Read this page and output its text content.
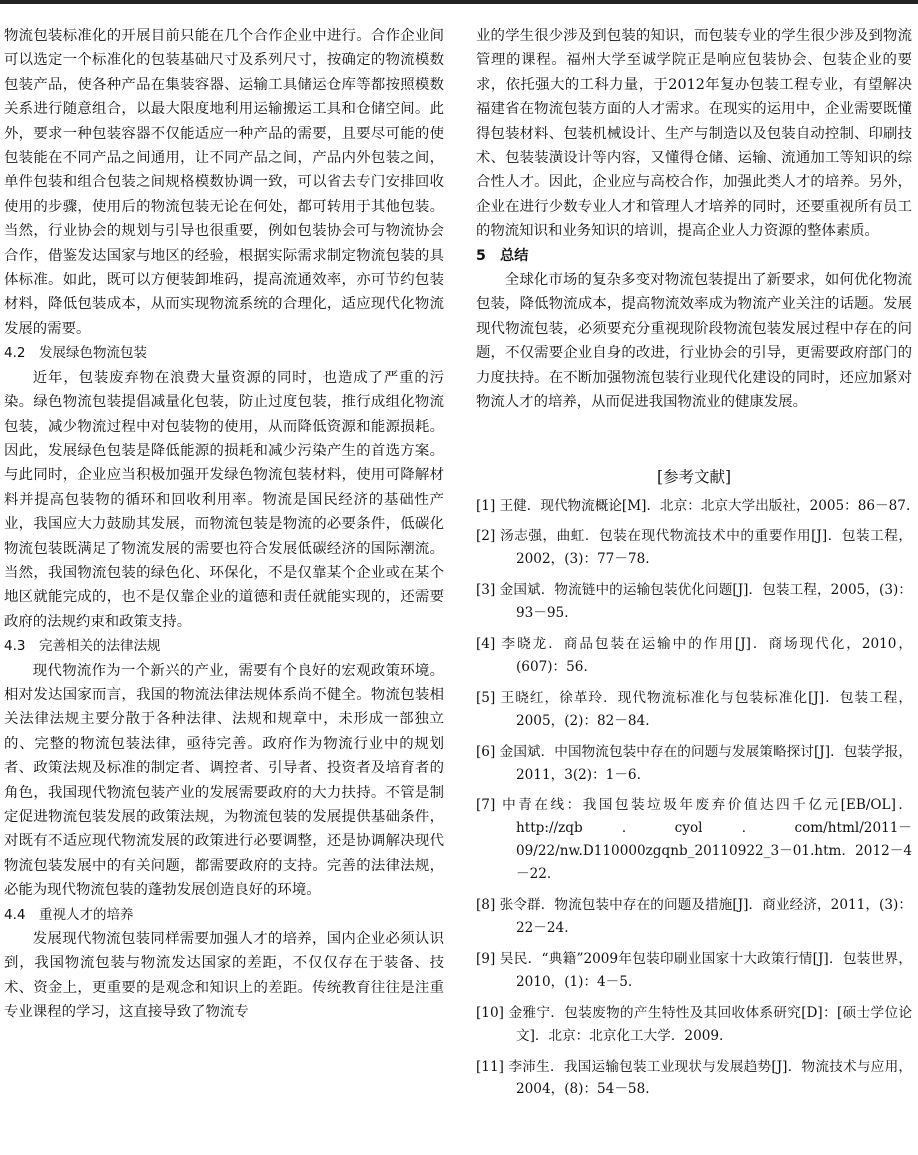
物流包装标准化的开展目前只能在几个合作企业中进行。合作企业间可以选定一个标准化的包装基础尺寸及系列尺寸，按确定的物流模数包装产品，使各种产品在集装容器、运输工具储运仓库等都按照模数关系进行随意组合，以最大限度地利用运输搬运工具和仓储空间。此外，要求一种包装容器不仅能适应一种产品的需要，且要尽可能的使包装能在不同产品之间通用，让不同产品之间，产品内外包装之间，单件包装和组合包装之间规格模数协调一致，可以省去专门安排回收使用的步骤，使用后的物流包装无论在何处，都可转用于其他包装。当然，行业协会的规划与引导也很重要，例如包装协会可与物流协会合作，借鉴发达国家与地区的经验，根据实际需求制定物流包装的具体标准。如此，既可以方便装卸堆码，提高流通效率，亦可节约包装材料，降低包装成本，从而实现物流系统的合理化，适应现代化物流发展的需要。

4.2　发展绿色物流包装

近年，包装废弃物在浪费大量资源的同时，也造成了严重的污染。绿色物流包装提倡减量化包装，防止过度包装，推行成组化物流包装，减少物流过程中对包装物的使用，从而降低资源和能源损耗。因此，发展绿色包装是降低能源的损耗和减少污染产生的首选方案。与此同时，企业应当积极加强开发绿色物流包装材料，使用可降解材料并提高包装物的循环和回收利用率。物流是国民经济的基础性产业，我国应大力鼓励其发展，而物流包装是物流的必要条件，低碳化物流包装既满足了物流发展的需要也符合发展低碳经济的国际潮流。当然，我国物流包装的绿色化、环保化，不是仅靠某个企业或在某个地区就能完成的，也不是仅靠企业的道德和责任就能实现的，还需要政府的法规约束和政策支持。

4.3　完善相关的法律法规

现代物流作为一个新兴的产业，需要有个良好的宏观政策环境。相对发达国家而言，我国的物流法律法规体系尚不健全。物流包装相关法律法规主要分散于各种法律、法规和规章中，未形成一部独立的、完整的物流包装法律，亟待完善。政府作为物流行业中的规划者、政策法规及标准的制定者、调控者、引导者、投资者及培育者的角色，我国现代物流包装产业的发展需要政府的大力扶持。不管是制定促进物流包装发展的政策法规，为物流包装的发展提供基础条件，对既有不适应现代物流发展的政策进行必要调整，还是协调解决现代物流包装发展中的有关问题，都需要政府的支持。完善的法律法规，必能为现代物流包装的蓬勃发展创造良好的环境。

4.4　重视人才的培养

发展现代物流包装同样需要加强人才的培养，国内企业必须认识到，我国物流包装与物流发达国家的差距，不仅仅存在于装备、技术、资金上，更重要的是观念和知识上的差距。传统教育往往是注重专业课程的学习，这直接导致了物流专

业的学生很少涉及到包装的知识，而包装专业的学生很少涉及到物流管理的课程。福州大学至诚学院正是响应包装协会、包装企业的要求，依托强大的工科力量，于2012年复办包装工程专业，有望解决福建省在物流包装方面的人才需求。在现实的运用中，企业需要既懂得包装材料、包装机械设计、生产与制造以及包装自动控制、印刷技术、包装装潢设计等内容，又懂得仓储、运输、流通加工等知识的综合性人才。因此，企业应与高校合作，加强此类人才的培养。另外，企业在进行少数专业人才和管理人才培养的同时，还要重视所有员工的物流知识和业务知识的培训，提高企业人力资源的整体素质。

5　总结

全球化市场的复杂多变对物流包装提出了新要求，如何优化物流包装，降低物流成本，提高物流效率成为物流产业关注的话题。发展现代物流包装，必须要充分重视现阶段物流包装发展过程中存在的问题，不仅需要企业自身的改进，行业协会的引导，更需要政府部门的力度扶持。在不断加强物流包装行业现代化建设的同时，还应加紧对物流人才的培养，从而促进我国物流业的健康发展。

[参考文献]

[1] 王健．现代物流概论[M]．北京：北京大学出版社，2005：86－87.

[2] 汤志强，曲虹．包装在现代物流技术中的重要作用[J]．包装工程，2002，(3)：77－78.

[3] 金国斌．物流链中的运输包装优化问题[J]．包装工程，2005，(3)：93－95.

[4] 李晓龙．商品包装在运输中的作用[J]．商场现代化，2010，(607)：56.

[5] 王晓红，徐革玲．现代物流标准化与包装标准化[J]．包装工程，2005，(2)：82－84.

[6] 金国斌．中国物流包装中存在的问题与发展策略探讨[J]．包装学报，2011，3(2)：1－6.

[7] 中青在线：我国包装垃圾年废弃价值达四千亿元[EB/OL]．http://zqb．cyol．com/html/2011－09/22/nw.D110000zgqnb_20110922_3－01.htm．2012－4－22.

[8] 张令群．物流包装中存在的问题及措施[J]．商业经济，2011，(3)：22－24.

[9] 吴民．“典籍”2009年包装印刷业国家十大政策行情[J]．包装世界，2010，(1)：4－5.

[10] 金雅宁．包装废物的产生特性及其回收体系研究[D]：[硕士学位论文]．北京：北京化工大学．2009.

[11] 李沛生．我国运输包装工业现状与发展趋势[J]．物流技术与应用，2004，(8)：54－58.
